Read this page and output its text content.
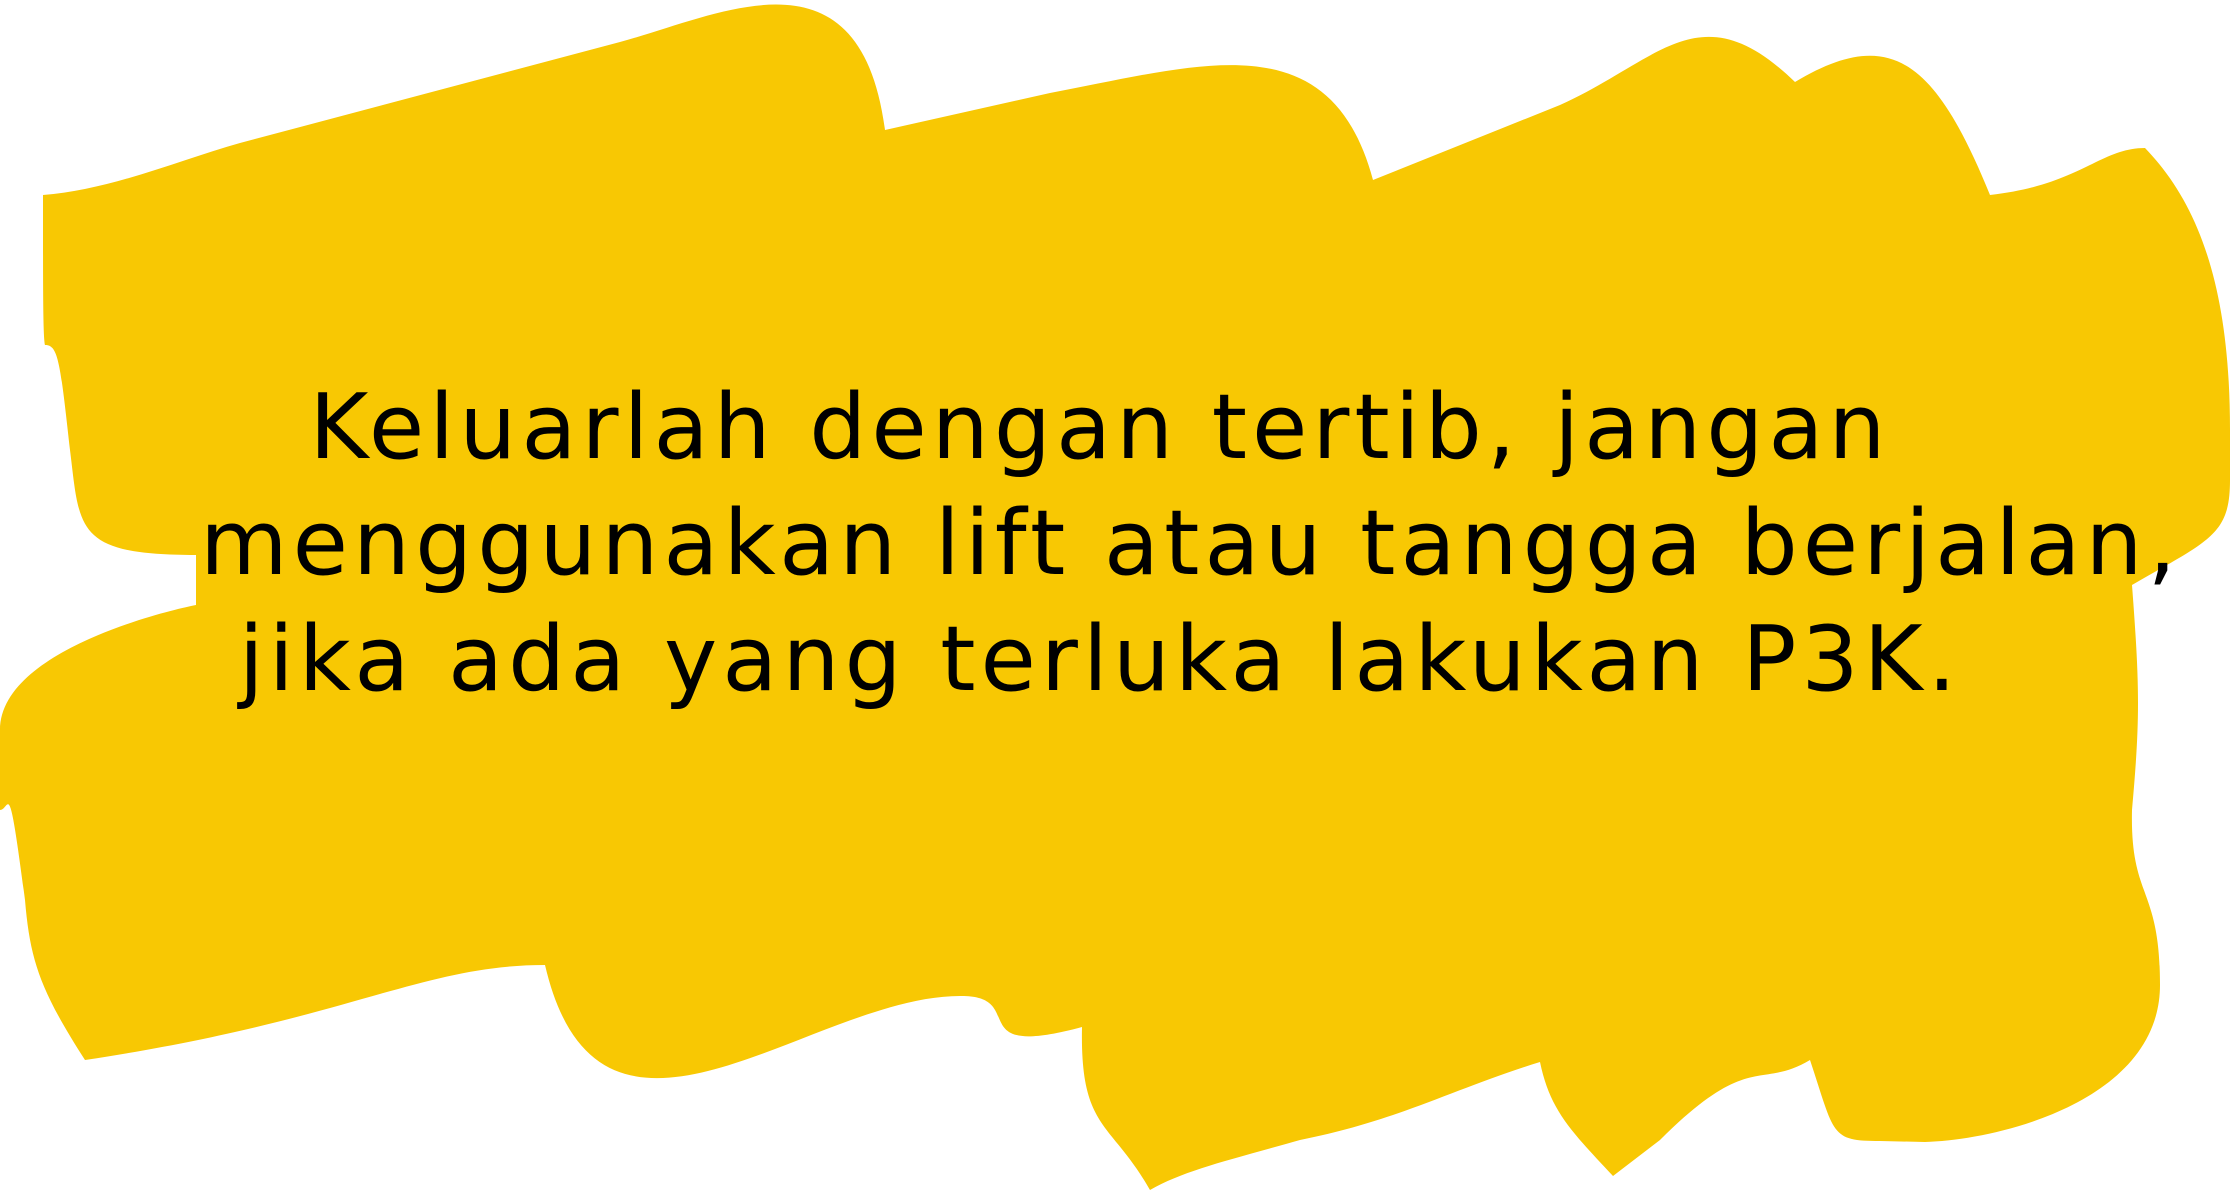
Keluarlah dengan tertib, jangan
menggunakan lift atau tangga berjalan,
jika ada yang terluka lakukan P3K.
